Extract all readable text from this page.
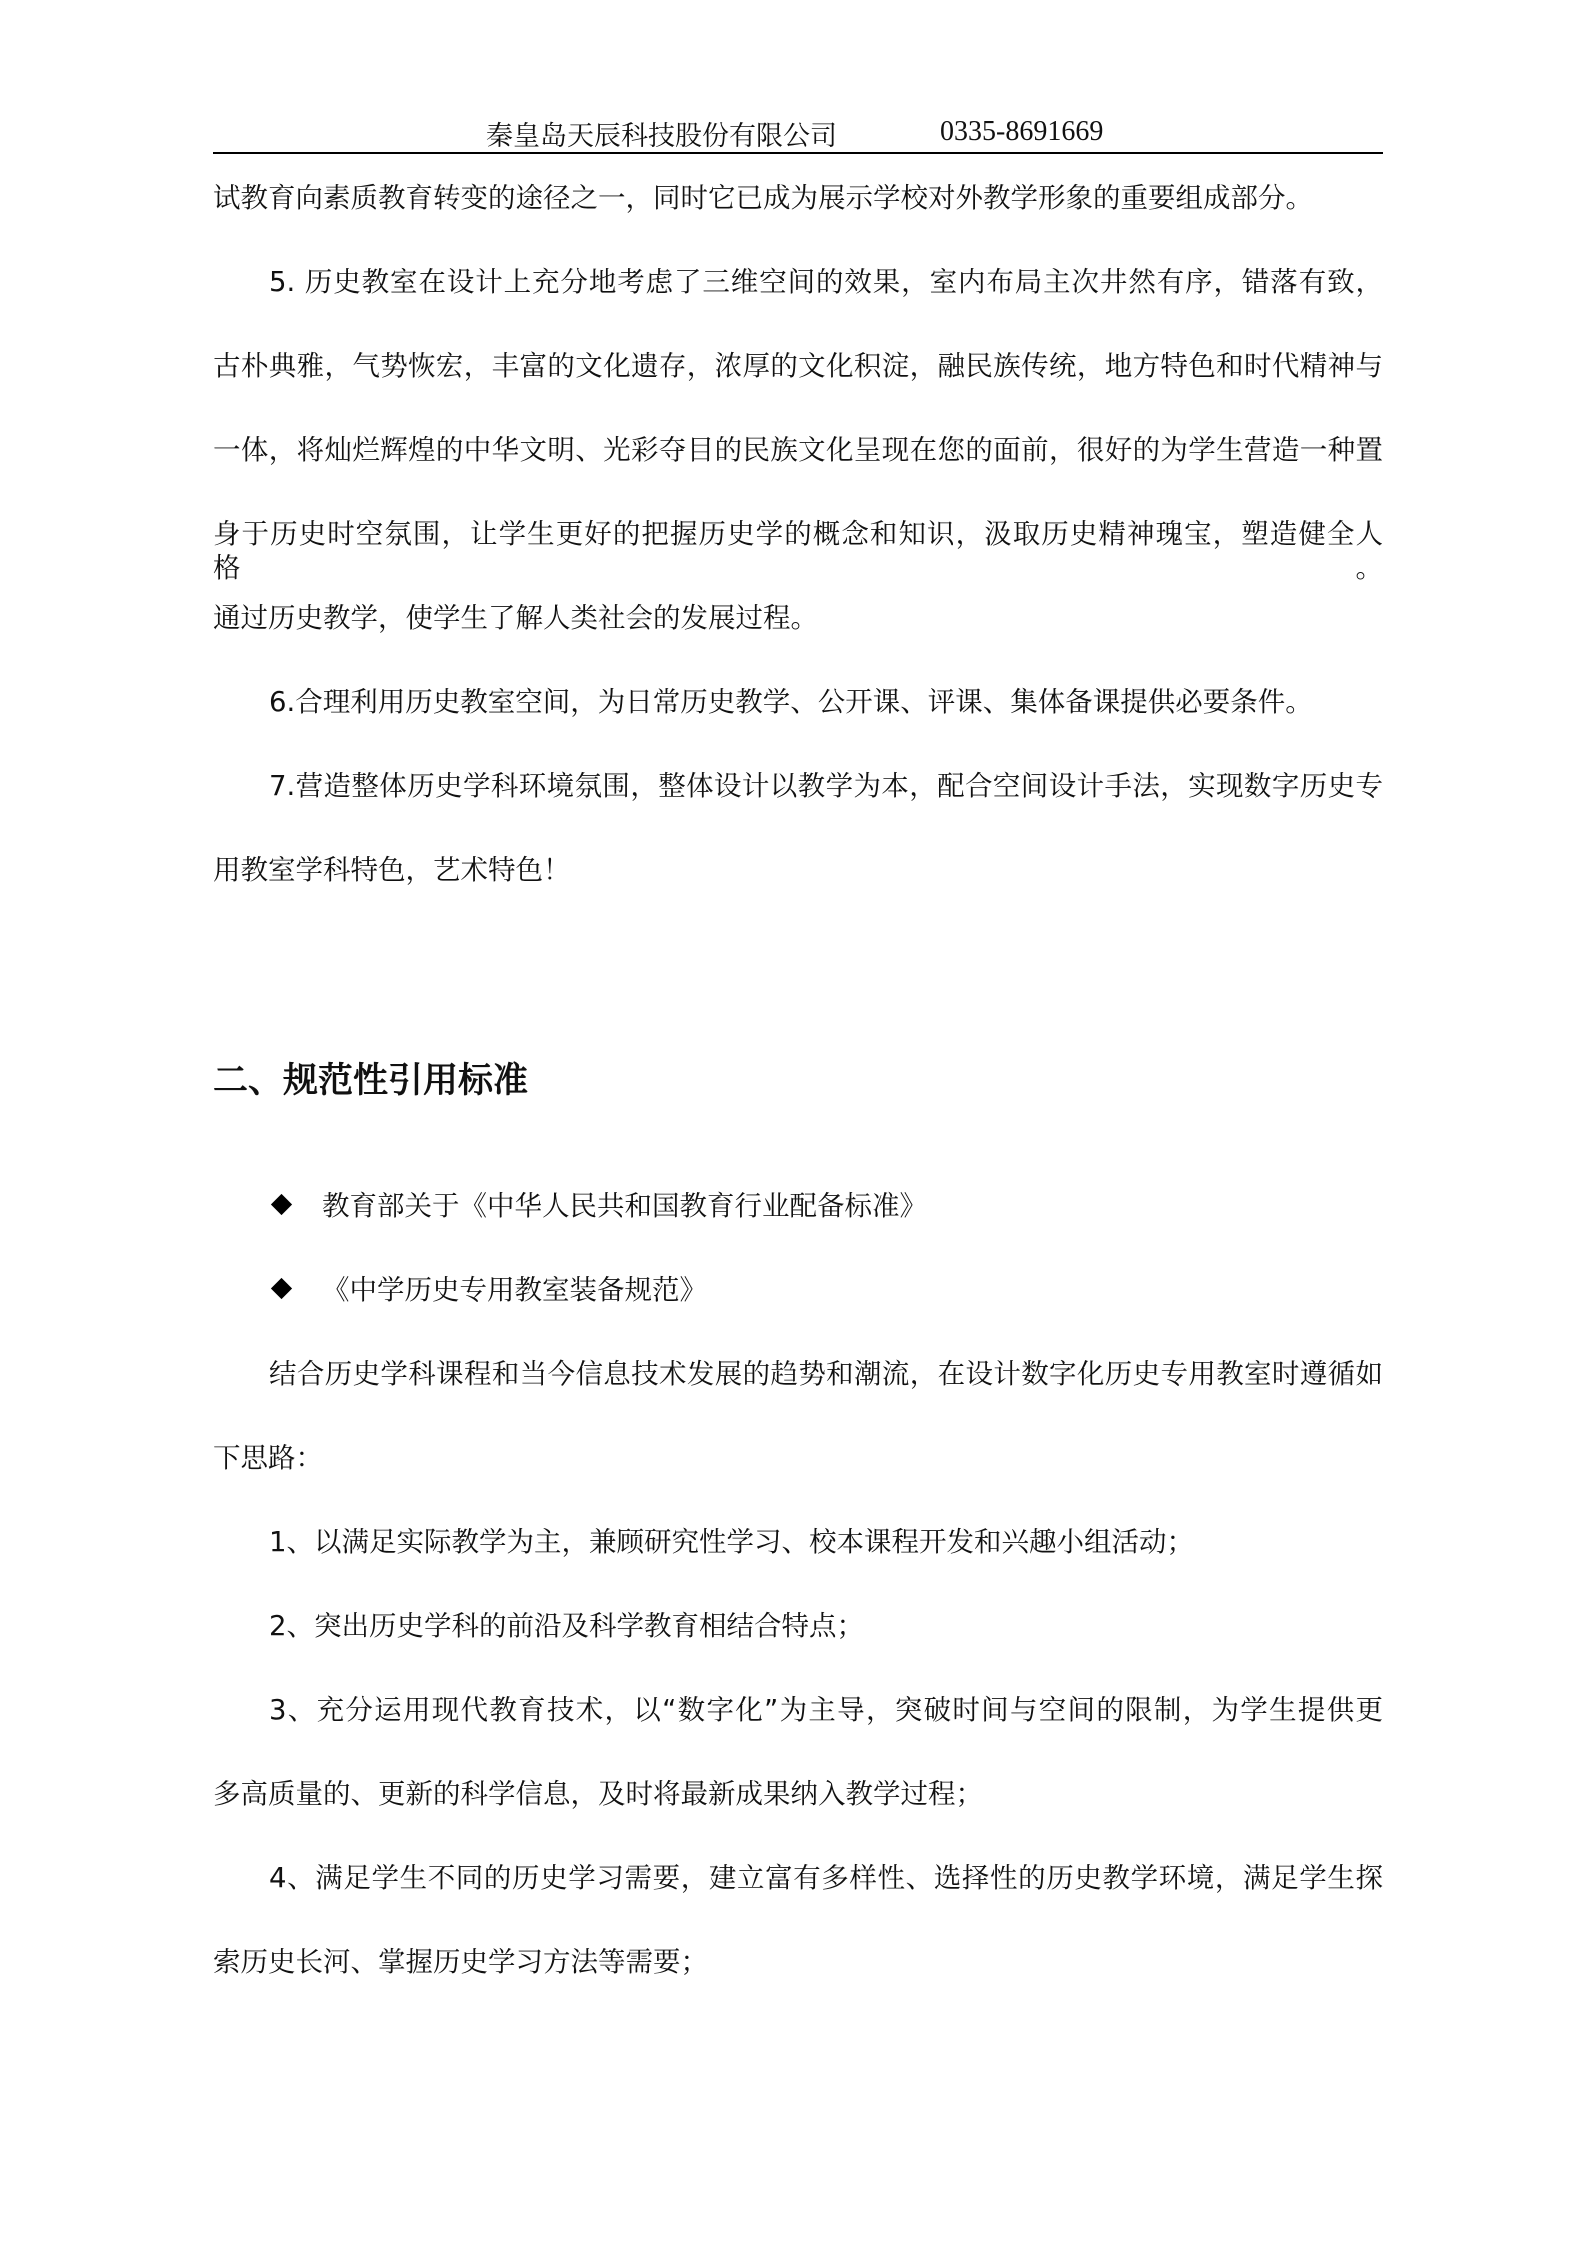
秦皇岛天辰科技股份有限公司	0335-8691669
试教育向素质教育转变的途径之一，同时它已成为展示学校对外教学形象的重要组成部分。
5. 历史教室在设计上充分地考虑了三维空间的效果，室内布局主次井然有序，错落有致，
古朴典雅，气势恢宏，丰富的文化遗存，浓厚的文化积淀，融民族传统，地方特色和时代精神与
一体，将灿烂辉煌的中华文明、光彩夺目的民族文化呈现在您的面前，很好的为学生营造一种置
身于历史时空氛围，让学生更好的把握历史学的概念和知识，汲取历史精神瑰宝，塑造健全人格。
通过历史教学，使学生了解人类社会的发展过程。
6.合理利用历史教室空间，为日常历史教学、公开课、评课、集体备课提供必要条件。
7.营造整体历史学科环境氛围，整体设计以教学为本，配合空间设计手法，实现数字历史专
用教室学科特色，艺术特色！
二、规范性引用标准
教育部关于《中华人民共和国教育行业配备标准》
《中学历史专用教室装备规范》
结合历史学科课程和当今信息技术发展的趋势和潮流，在设计数字化历史专用教室时遵循如
下思路：
1、以满足实际教学为主，兼顾研究性学习、校本课程开发和兴趣小组活动；
2、突出历史学科的前沿及科学教育相结合特点；
3、充分运用现代教育技术，以“数字化”为主导，突破时间与空间的限制，为学生提供更
多高质量的、更新的科学信息，及时将最新成果纳入教学过程；
4、满足学生不同的历史学习需要，建立富有多样性、选择性的历史教学环境，满足学生探
索历史长河、掌握历史学习方法等需要；
